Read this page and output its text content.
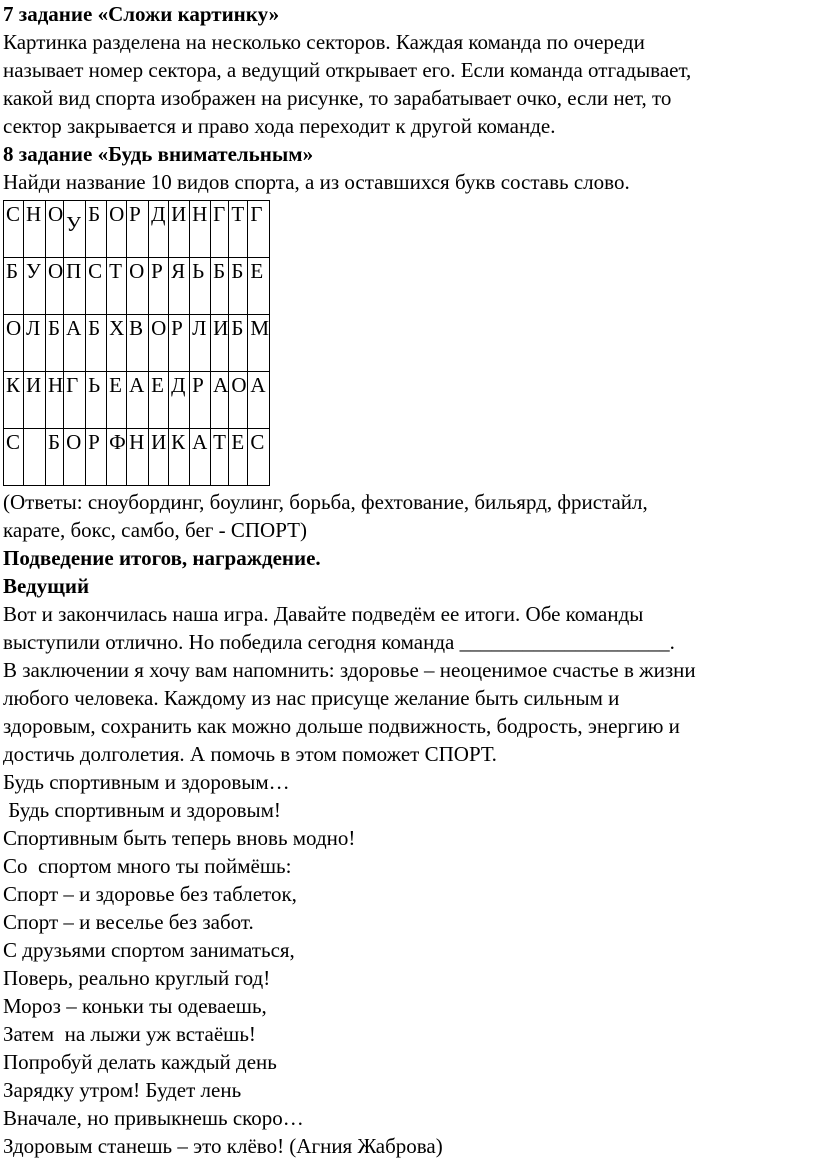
7 задание «Сложи картинку»
Картинка разделена на несколько секторов. Каждая команда по очереди
называет номер сектора, а ведущий открывает его. Если команда отгадывает,
какой вид спорта изображен на рисунке, то зарабатывает очко, если нет, то
сектор закрывается и право хода переходит к другой команде.
8 задание «Будь внимательным»
Найди название 10 видов спорта, а из оставшихся букв составь слово.
С	Н	О	У	Б	О	Р	Д	И	Н	Г	Т	Г
Б	У	О	П	С	Т	О	Р	Я	Ь	Б	Б	Е
О	Л	Б	А	Б	Х	В	О	Р	Л	И	Б	М
К	И	Н	Г	Ь	Е	А	Е	Д	Р	А	О	А
С		Б	О	Р	Ф	Н	И	К	А	Т	Е	С
(Ответы: сноубординг, боулинг, борьба, фехтование, бильярд, фристайл,
карате, бокс, самбо, бег - СПОРТ)
Подведение итогов, награждение.
Ведущий
Вот и закончилась наша игра. Давайте подведём ее итоги. Обе команды
выступили отлично. Но победила сегодня команда ____________________.
В заключении я хочу вам напомнить: здоровье – неоценимое счастье в жизни
любого человека. Каждому из нас присуще желание быть сильным и
здоровым, сохранить как можно дольше подвижность, бодрость, энергию и
достичь долголетия. А помочь в этом поможет СПОРТ.
Будь спортивным и здоровым…
Будь спортивным и здоровым!
Спортивным быть теперь вновь модно!
Со  спортом много ты поймёшь:
Спорт – и здоровье без таблеток,
Спорт – и веселье без забот.
С друзьями спортом заниматься,
Поверь, реально круглый год!
Мороз – коньки ты одеваешь,
Затем  на лыжи уж встаёшь!
Попробуй делать каждый день
Зарядку утром! Будет лень
Вначале, но привыкнешь скоро…
Здоровым станешь – это клёво! (Агния Жаброва)
